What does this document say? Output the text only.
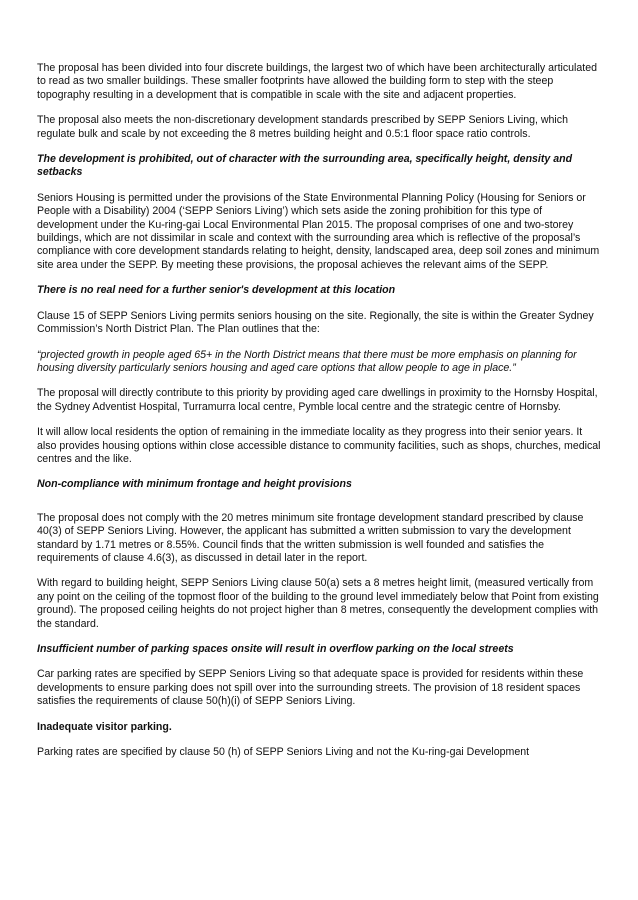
The proposal has been divided into four discrete buildings, the largest two of which have been architecturally articulated to read as two smaller buildings. These smaller footprints have allowed the building form to step with the steep topography resulting in a development that is compatible in scale with the site and adjacent properties.

The proposal also meets the non-discretionary development standards prescribed by SEPP Seniors Living, which regulate bulk and scale by not exceeding the 8 metres building height and 0.5:1 floor space ratio controls.

The development is prohibited, out of character with the surrounding area, specifically height, density and setbacks

Seniors Housing is permitted under the provisions of the State Environmental Planning Policy (Housing for Seniors or People with a Disability) 2004 (‘SEPP Seniors Living’) which sets aside the zoning prohibition for this type of development under the Ku-ring-gai Local Environmental Plan 2015. The proposal comprises of one and two-storey buildings, which are not dissimilar in scale and context with the surrounding area which is reflective of the proposal’s compliance with core development standards relating to height, density, landscaped area, deep soil zones and minimum site area under the SEPP. By meeting these provisions, the proposal achieves the relevant aims of the SEPP.

There is no real need for a further senior's development at this location

Clause 15 of SEPP Seniors Living permits seniors housing on the site. Regionally, the site is within the Greater Sydney Commission’s North District Plan. The Plan outlines that the:

“projected growth in people aged 65+ in the North District means that there must be more emphasis on planning for housing diversity particularly seniors housing and aged care options that allow people to age in place.”

The proposal will directly contribute to this priority by providing aged care dwellings in proximity to the Hornsby Hospital, the Sydney Adventist Hospital, Turramurra local centre, Pymble local centre and the strategic centre of Hornsby.

It will allow local residents the option of remaining in the immediate locality as they progress into their senior years. It also provides housing options within close accessible distance to community facilities, such as shops, churches, medical centres and the like.

Non-compliance with minimum frontage and height provisions

The proposal does not comply with the 20 metres minimum site frontage development standard prescribed by clause 40(3) of SEPP Seniors Living. However, the applicant has submitted a written submission to vary the development standard by 1.71 metres or 8.55%. Council finds that the written submission is well founded and satisfies the requirements of clause 4.6(3), as discussed in detail later in the report.

With regard to building height, SEPP Seniors Living clause 50(a) sets a 8 metres height limit, (measured vertically from any point on the ceiling of the topmost floor of the building to the ground level immediately below that Point from existing ground). The proposed ceiling heights do not project higher than 8 metres, consequently the development complies with the standard.

Insufficient number of parking spaces onsite will result in overflow parking on the local streets

Car parking rates are specified by SEPP Seniors Living so that adequate space is provided for residents within these developments to ensure parking does not spill over into the surrounding streets. The provision of 18 resident spaces satisfies the requirements of clause 50(h)(i) of SEPP Seniors Living.

Inadequate visitor parking.

Parking rates are specified by clause 50 (h) of SEPP Seniors Living and not the Ku-ring-gai Development
